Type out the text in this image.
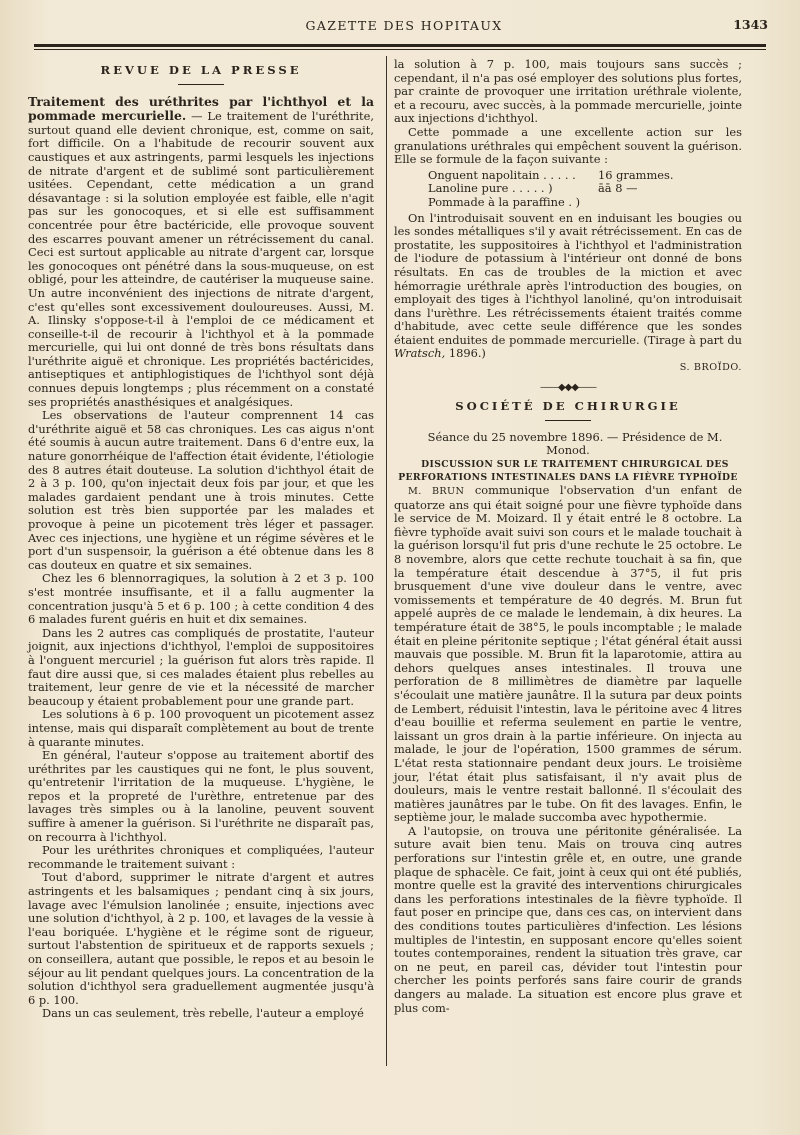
GAZETTE DES HOPITAUX	1343
REVUE DE LA PRESSE

Traitement des uréthrites par l'ichthyol et la pommade mercurielle. — Le traitement de l'uréthrite, surtout quand elle devient chronique, est, comme on sait, fort difficile. On a l'habitude de recourir souvent aux caustiques et aux astringents, parmi lesquels les injections de nitrate d'argent et de sublimé sont particulièrement usitées. Cependant, cette médication a un grand désavantage : si la solution employée est faible, elle n'agit pas sur les gonocoques, et si elle est suffisamment concentrée pour être bactéricide, elle provoque souvent des escarres pouvant amener un rétrécissement du canal. Ceci est surtout applicable au nitrate d'argent car, lorsque les gonocoques ont pénétré dans la sous-muqueuse, on est obligé, pour les atteindre, de cautériser la muqueuse saine. Un autre inconvénient des injections de nitrate d'argent, c'est qu'elles sont excessivement douloureuses. Aussi, M. A. Ilinsky s'oppose-t-il à l'emploi de ce médicament et conseille-t-il de recourir à l'ichthyol et à la pommade mercurielle, qui lui ont donné de très bons résultats dans l'uréthrite aiguë et chronique. Les propriétés bactéricides, antiseptiques et antiphlogistiques de l'ichthyol sont déjà connues depuis longtemps ; plus récemment on a constaté ses propriétés anasthésiques et analgésiques.

Les observations de l'auteur comprennent 14 cas d'uréthrite aiguë et 58 cas chroniques. Les cas aigus n'ont été soumis à aucun autre traitement. Dans 6 d'entre eux, la nature gonorrhéique de l'affection était évidente, l'étiologie des 8 autres était douteuse. La solution d'ichthyol était de 2 à 3 p. 100, qu'on injectait deux fois par jour, et que les malades gardaient pendant une à trois minutes. Cette solution est très bien supportée par les malades et provoque à peine un picotement très léger et passager. Avec ces injections, une hygiène et un régime sévères et le port d'un suspensoir, la guérison a été obtenue dans les 8 cas douteux en quatre et six semaines.

Chez les 6 blennorragiques, la solution à 2 et 3 p. 100 s'est montrée insuffisante, et il a fallu augmenter la concentration jusqu'à 5 et 6 p. 100 ; à cette condition 4 des 6 malades furent guéris en huit et dix semaines.

Dans les 2 autres cas compliqués de prostatite, l'auteur joignit, aux injections d'ichthyol, l'emploi de suppositoires à l'onguent mercuriel ; la guérison fut alors très rapide. Il faut dire aussi que, si ces malades étaient plus rebelles au traitement, leur genre de vie et la nécessité de marcher beaucoup y étaient probablement pour une grande part.

Les solutions à 6 p. 100 provoquent un picotement assez intense, mais qui disparaît complètement au bout de trente à quarante minutes.

En général, l'auteur s'oppose au traitement abortif des uréthrites par les caustiques qui ne font, le plus souvent, qu'entretenir l'irritation de la muqueuse. L'hygiène, le repos et la propreté de l'urèthre, entretenue par des lavages très simples ou à la lanoline, peuvent souvent suffire à amener la guérison. Si l'uréthrite ne disparaît pas, on recourra à l'ichthyol.

Pour les uréthrites chroniques et compliquées, l'auteur recommande le traitement suivant :

Tout d'abord, supprimer le nitrate d'argent et autres astringents et les balsamiques ; pendant cinq à six jours, lavage avec l'émulsion lanolinée ; ensuite, injections avec une solution d'ichthyol, à 2 p. 100, et lavages de la vessie à l'eau boriquée. L'hygiène et le régime sont de rigueur, surtout l'abstention de spiritueux et de rapports sexuels ; on conseillera, autant que possible, le repos et au besoin le séjour au lit pendant quelques jours. La concentration de la solution d'ichthyol sera graduellement augmentée jusqu'à 6 p. 100.

Dans un cas seulement, très rebelle, l'auteur a employé

la solution à 7 p. 100, mais toujours sans succès ; cependant, il n'a pas osé employer des solutions plus fortes, par crainte de provoquer une irritation uréthrale violente, et a recouru, avec succès, à la pommade mercurielle, jointe aux injections d'ichthyol.

Cette pommade a une excellente action sur les granulations uréthrales qui empêchent souvent la guérison. Elle se formule de la façon suivante :

Onguent napolitain . . . . .	16 grammes.
Lanoline pure . . . . . )	āā 8 —
Pommade à la paraffine . )

On l'introduisait souvent en en induisant les bougies ou les sondes métalliques s'il y avait rétrécissement. En cas de prostatite, les suppositoires à l'ichthyol et l'administration de l'iodure de potassium à l'intérieur ont donné de bons résultats. En cas de troubles de la miction et avec hémorragie uréthrale après l'introduction des bougies, on employait des tiges à l'ichthyol lanoliné, qu'on introduisait dans l'urèthre. Les rétrécissements étaient traités comme d'habitude, avec cette seule différence que les sondes étaient enduites de pommade mercurielle. (Tirage à part du Wratsch, 1896.)

S. BROÏDO.
——◆◆◆——
SOCIÉTÉ DE CHIRURGIE

Séance du 25 novembre 1896. — Présidence de M. Monod.

DISCUSSION SUR LE TRAITEMENT CHIRURGICAL DES PERFORATIONS INTESTINALES DANS LA FIÈVRE TYPHOÏDE

M. BRUN communique l'observation d'un enfant de quatorze ans qui était soigné pour une fièvre typhoïde dans le service de M. Moizard. Il y était entré le 8 octobre. La fièvre typhoïde avait suivi son cours et le malade touchait à la guérison lorsqu'il fut pris d'une rechute le 25 octobre. Le 8 novembre, alors que cette rechute touchait à sa fin, que la température était descendue à 37°5, il fut pris brusquement d'une vive douleur dans le ventre, avec vomissements et température de 40 degrés. M. Brun fut appelé auprès de ce malade le lendemain, à dix heures. La température était de 38°5, le pouls incomptable ; le malade était en pleine péritonite septique ; l'état général était aussi mauvais que possible. M. Brun fit la laparotomie, attira au dehors quelques anses intestinales. Il trouva une perforation de 8 millimètres de diamètre par laquelle s'écoulait une matière jaunâtre. Il la sutura par deux points de Lembert, réduisit l'intestin, lava le péritoine avec 4 litres d'eau bouillie et referma seulement en partie le ventre, laissant un gros drain à la partie inférieure. On injecta au malade, le jour de l'opération, 1500 grammes de sérum. L'état resta stationnaire pendant deux jours. Le troisième jour, l'état était plus satisfaisant, il n'y avait plus de douleurs, mais le ventre restait ballonné. Il s'écoulait des matières jaunâtres par le tube. On fit des lavages. Enfin, le septième jour, le malade succomba avec hypothermie.

A l'autopsie, on trouva une péritonite généralisée. La suture avait bien tenu. Mais on trouva cinq autres perforations sur l'intestin grêle et, en outre, une grande plaque de sphacèle. Ce fait, joint à ceux qui ont été publiés, montre quelle est la gravité des interventions chirurgicales dans les perforations intestinales de la fièvre typhoïde. Il faut poser en principe que, dans ces cas, on intervient dans des conditions toutes particulières d'infection. Les lésions multiples de l'intestin, en supposant encore qu'elles soient toutes contemporaines, rendent la situation très grave, car on ne peut, en pareil cas, dévider tout l'intestin pour chercher les points perforés sans faire courir de grands dangers au malade. La situation est encore plus grave et plus com-
